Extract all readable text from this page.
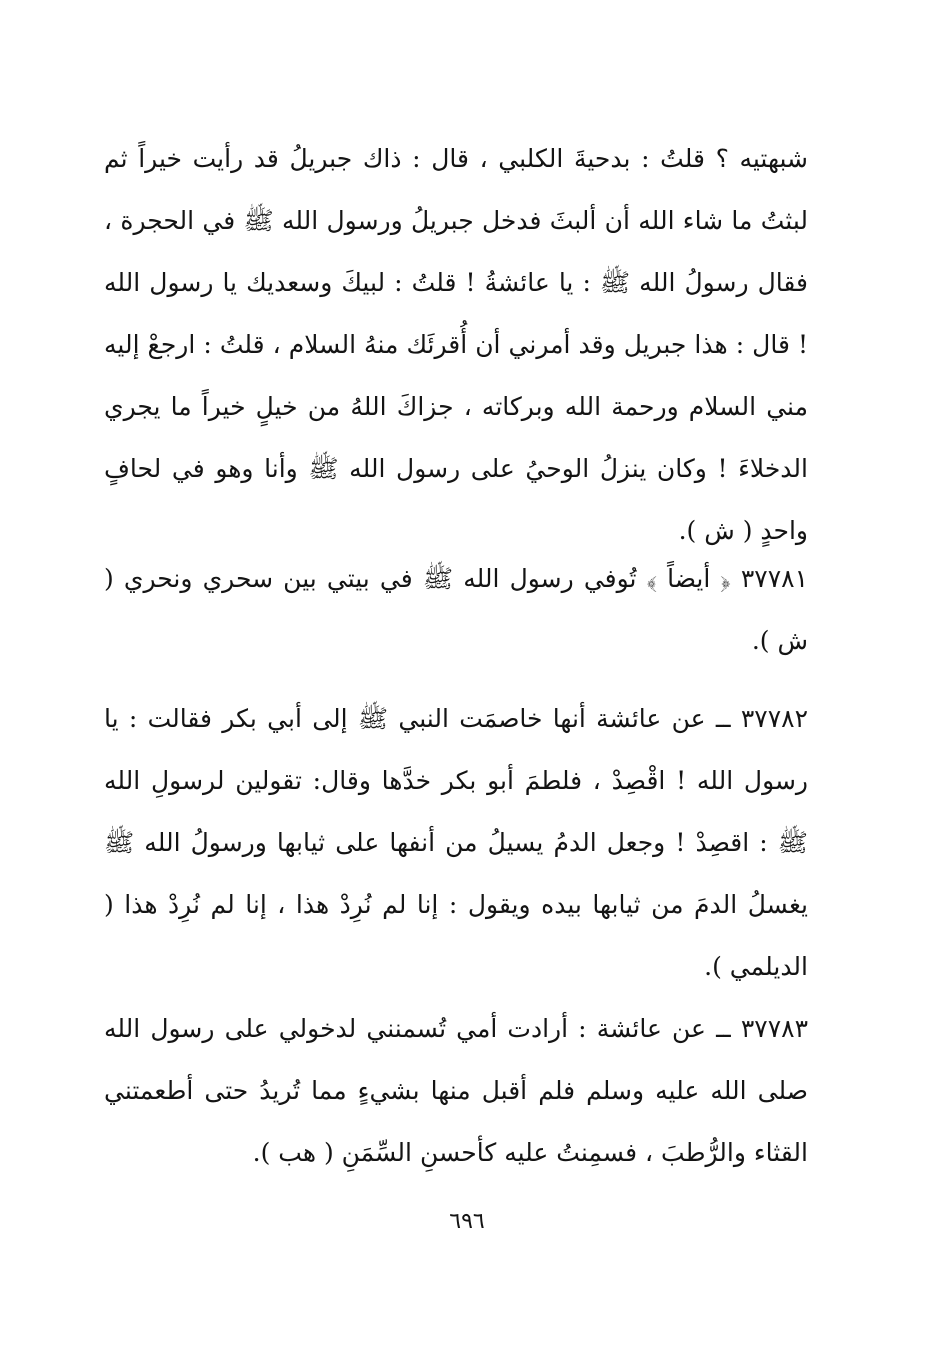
شبهتيه ؟ قلتُ : بدحيةَ الكلبي ، قال : ذاك جبريلُ قد رأيت خيراً ثم لبثتُ ما شاء الله أن ألبثَ فدخل جبريلُ ورسول الله ﷺ في الحجرة ، فقال رسولُ الله ﷺ : يا عائشةُ ! قلتُ : لبيكَ وسعديك يا رسول الله ! قال : هذا جبريل وقد أمرني أن أُقرئَك منهُ السلام ، قلتُ : ارجعْ إليه مني السلام ورحمة الله وبركاته ، جزاكَ اللهُ من خيلٍ خيراً ما يجري الدخلاءَ ! وكان ينزلُ الوحيُ على رسول الله ﷺ وأنا وهو في لحافٍ واحدٍ ( ش ).

٣٧٧٨١ ﴿ أيضاً ﴾ تُوفي رسول الله ﷺ في بيتي بين سحري ونحري ( ش ).

٣٧٧٨٢ ــ عن عائشة أنها خاصمَت النبي ﷺ إلى أبي بكر فقالت : يا رسول الله ! اقْصِدْ ، فلطمَ أبو بكر خدَّها وقال: تقولين لرسولِ الله ﷺ : اقصِدْ ! وجعل الدمُ يسيلُ من أنفها على ثيابها ورسولُ الله ﷺ يغسلُ الدمَ من ثيابها بيده ويقول : إنا لم نُرِدْ هذا ، إنا لم نُرِدْ هذا ( الديلمي ).

٣٧٧٨٣ ــ عن عائشة : أرادت أمي تُسمنني لدخولي على رسول الله صلى الله عليه وسلم فلم أقبل منها بشيءٍ مما تُريدُ حتى أطعمتني القثاء والرُّطبَ ، فسمِنتُ عليه كأحسنِ السِّمَنِ ( هب ).

٦٩٦
